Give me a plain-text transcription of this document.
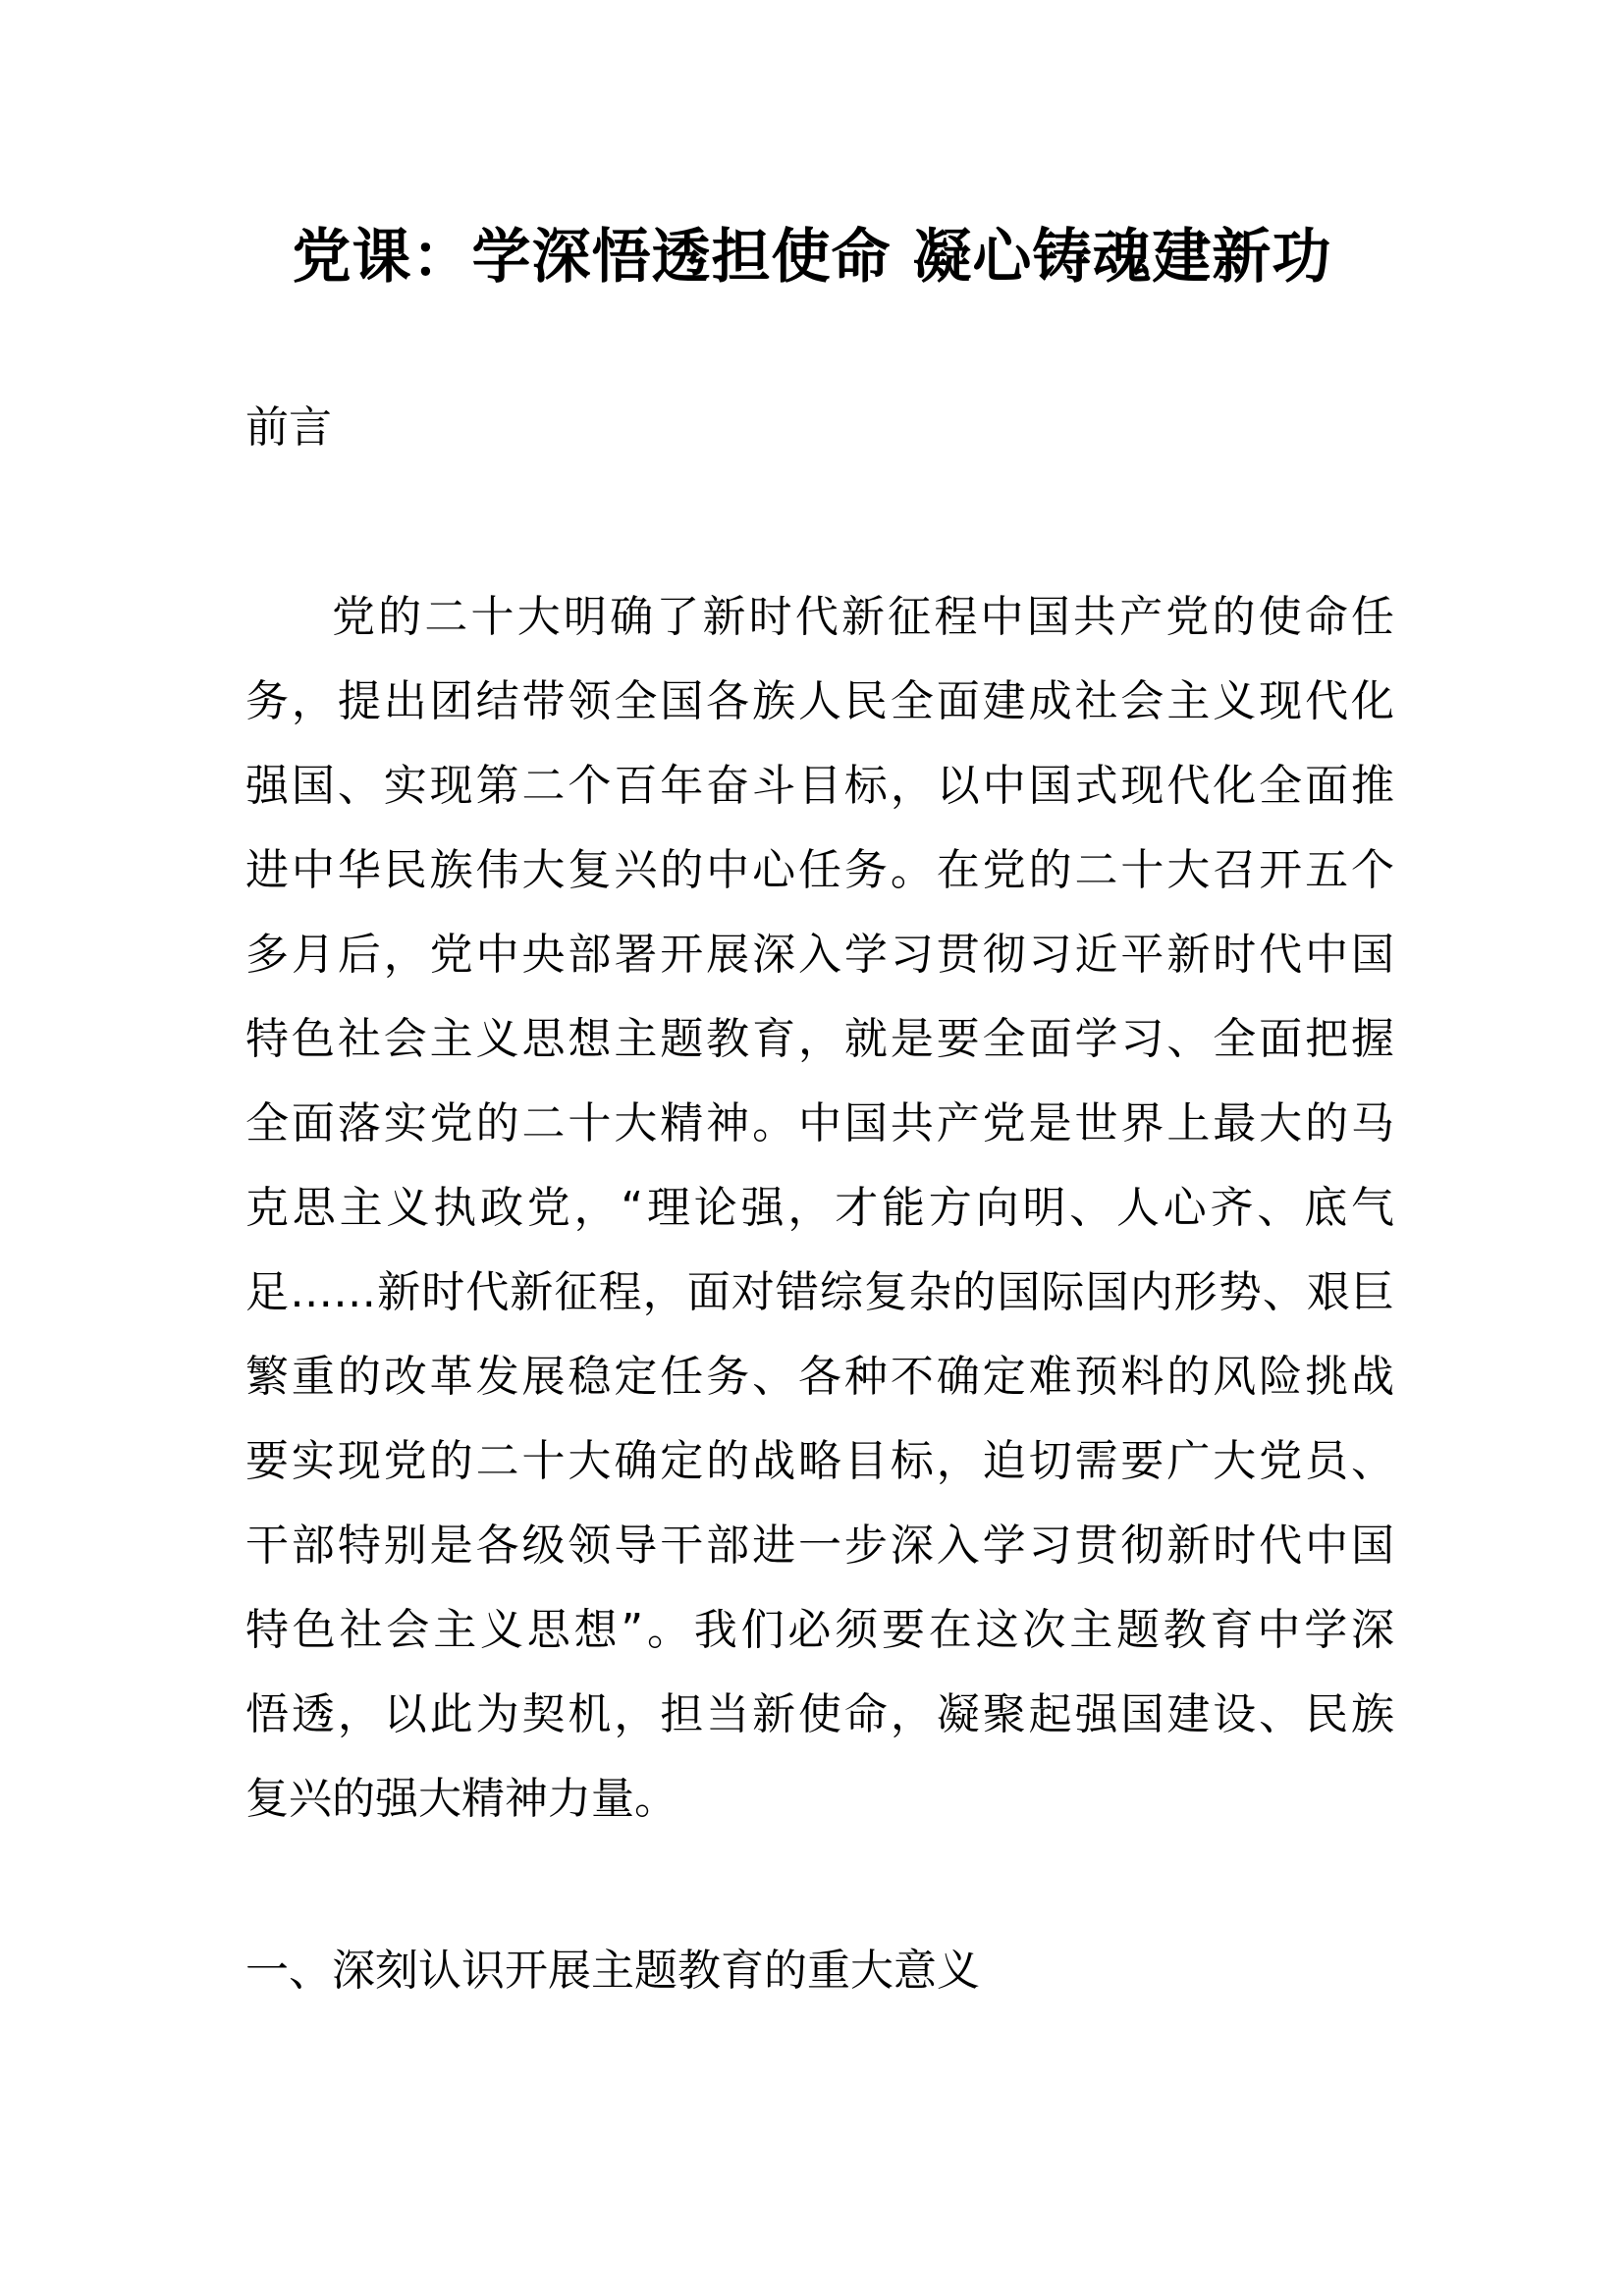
党课：学深悟透担使命 凝心铸魂建新功

前言

党的二十大明确了新时代新征程中国共产党的使命任
务，提出团结带领全国各族人民全面建成社会主义现代化
强国、实现第二个百年奋斗目标，以中国式现代化全面推
进中华民族伟大复兴的中心任务。在党的二十大召开五个
多月后，党中央部署开展深入学习贯彻习近平新时代中国
特色社会主义思想主题教育，就是要全面学习、全面把握
全面落实党的二十大精神。中国共产党是世界上最大的马
克思主义执政党，“理论强，才能方向明、人心齐、底气
足……新时代新征程，面对错综复杂的国际国内形势、艰巨
繁重的改革发展稳定任务、各种不确定难预料的风险挑战
要实现党的二十大确定的战略目标，迫切需要广大党员、
干部特别是各级领导干部进一步深入学习贯彻新时代中国
特色社会主义思想”。我们必须要在这次主题教育中学深
悟透，以此为契机，担当新使命，凝聚起强国建设、民族
复兴的强大精神力量。

一、深刻认识开展主题教育的重大意义
